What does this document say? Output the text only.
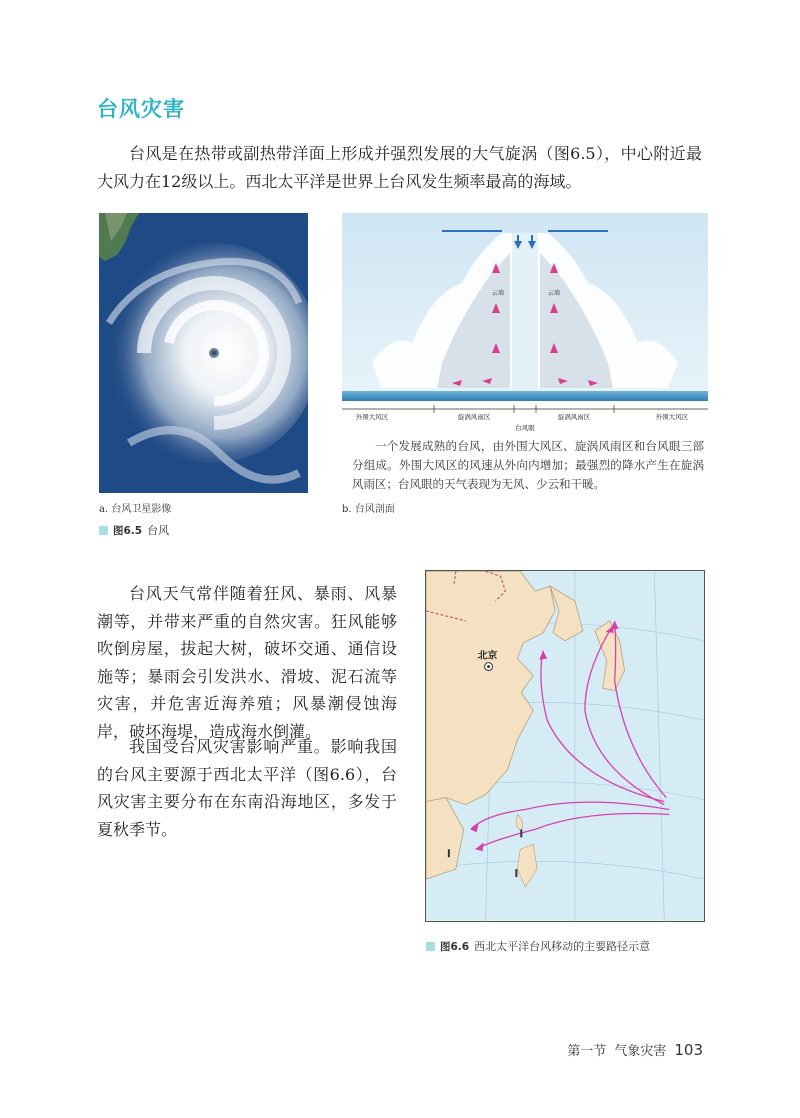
台风灾害

台风是在热带或副热带洋面上形成并强烈发展的大气旋涡（图6.5），中心附近最大风力在12级以上。西北太平洋是世界上台风发生频率最高的海域。

云墙	云墙
外围大风区	旋涡风雨区	旋涡风雨区	外围大风区
台风眼

一个发展成熟的台风，由外围大风区、旋涡风雨区和台风眼三部分组成。外围大风区的风速从外向内增加；最强烈的降水产生在旋涡风雨区；台风眼的天气表现为无风、少云和干暖。

a. 台风卫星影像	b. 台风剖面
图6.5 台风

台风天气常伴随着狂风、暴雨、风暴潮等，并带来严重的自然灾害。狂风能够吹倒房屋，拔起大树，破坏交通、通信设施等；暴雨会引发洪水、滑坡、泥石流等灾害，并危害近海养殖；风暴潮侵蚀海岸，破坏海堤，造成海水倒灌。

我国受台风灾害影响严重。影响我国的台风主要源于西北太平洋（图6.6），台风灾害主要分布在东南沿海地区，多发于夏秋季节。

北京
图6.6 西北太平洋台风移动的主要路径示意
第一节 气象灾害 103
